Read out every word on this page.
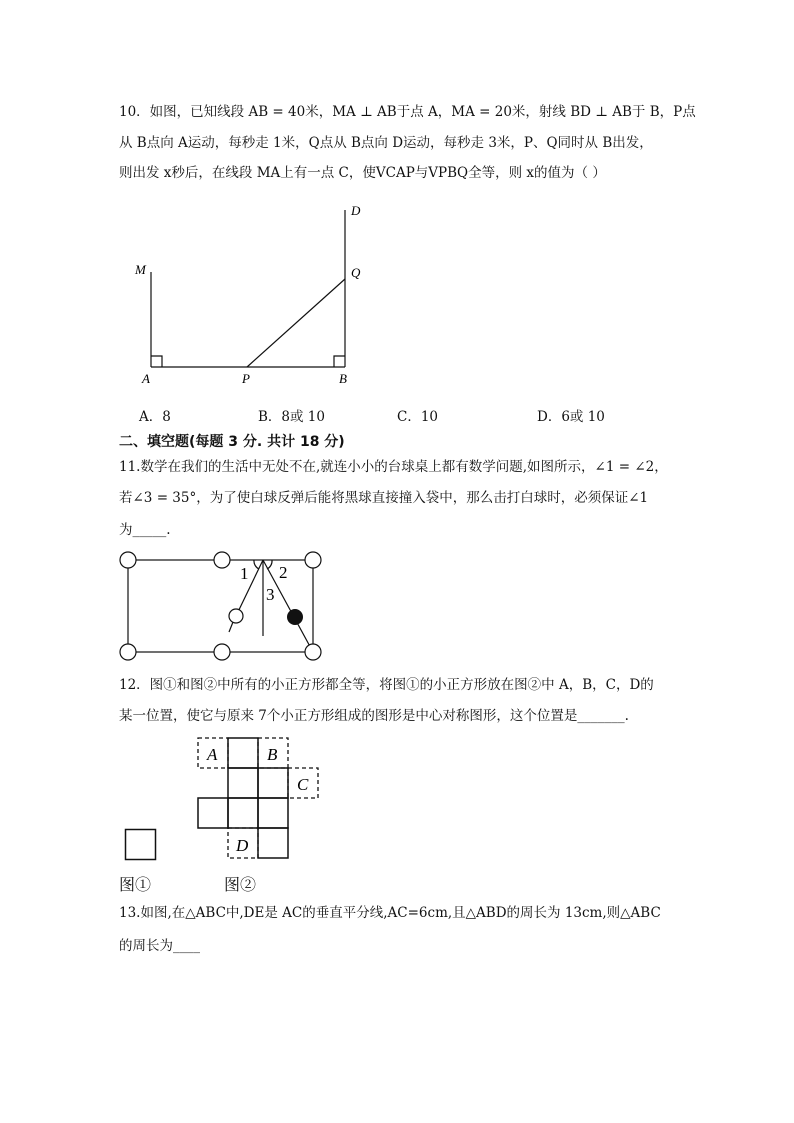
10．如图，已知线段 AB = 40米，MA ⊥ AB于点 A，MA = 20米，射线 BD ⊥ AB于 B，P点
从 B点向 A运动，每秒走 1米，Q点从 B点向 D运动，每秒走 3米，P、Q同时从 B出发，
则出发 x秒后，在线段 MA上有一点 C，使VCAP与VPBQ全等，则 x的值为（ ）
M
A	P	B
Q
D
A．8	B．8或 10	C．10	D．6或 10
二、填空题(每题 3 分. 共计 18 分)
11.数学在我们的生活中无处不在,就连小小的台球桌上都有数学问题,如图所示，∠1 = ∠2，
若∠3 = 35°，为了使白球反弹后能将黑球直接撞入袋中，那么击打白球时，必须保证∠1
为_____.
1 2
3
12．图①和图②中所有的小正方形都全等，将图①的小正方形放在图②中 A，B，C，D的
某一位置，使它与原来 7个小正方形组成的图形是中心对称图形，这个位置是_______.
A	B
C
D
图①	图②
13.如图,在△ABC中,DE是 AC的垂直平分线,AC=6cm,且△ABD的周长为 13cm,则△ABC
的周长为____
